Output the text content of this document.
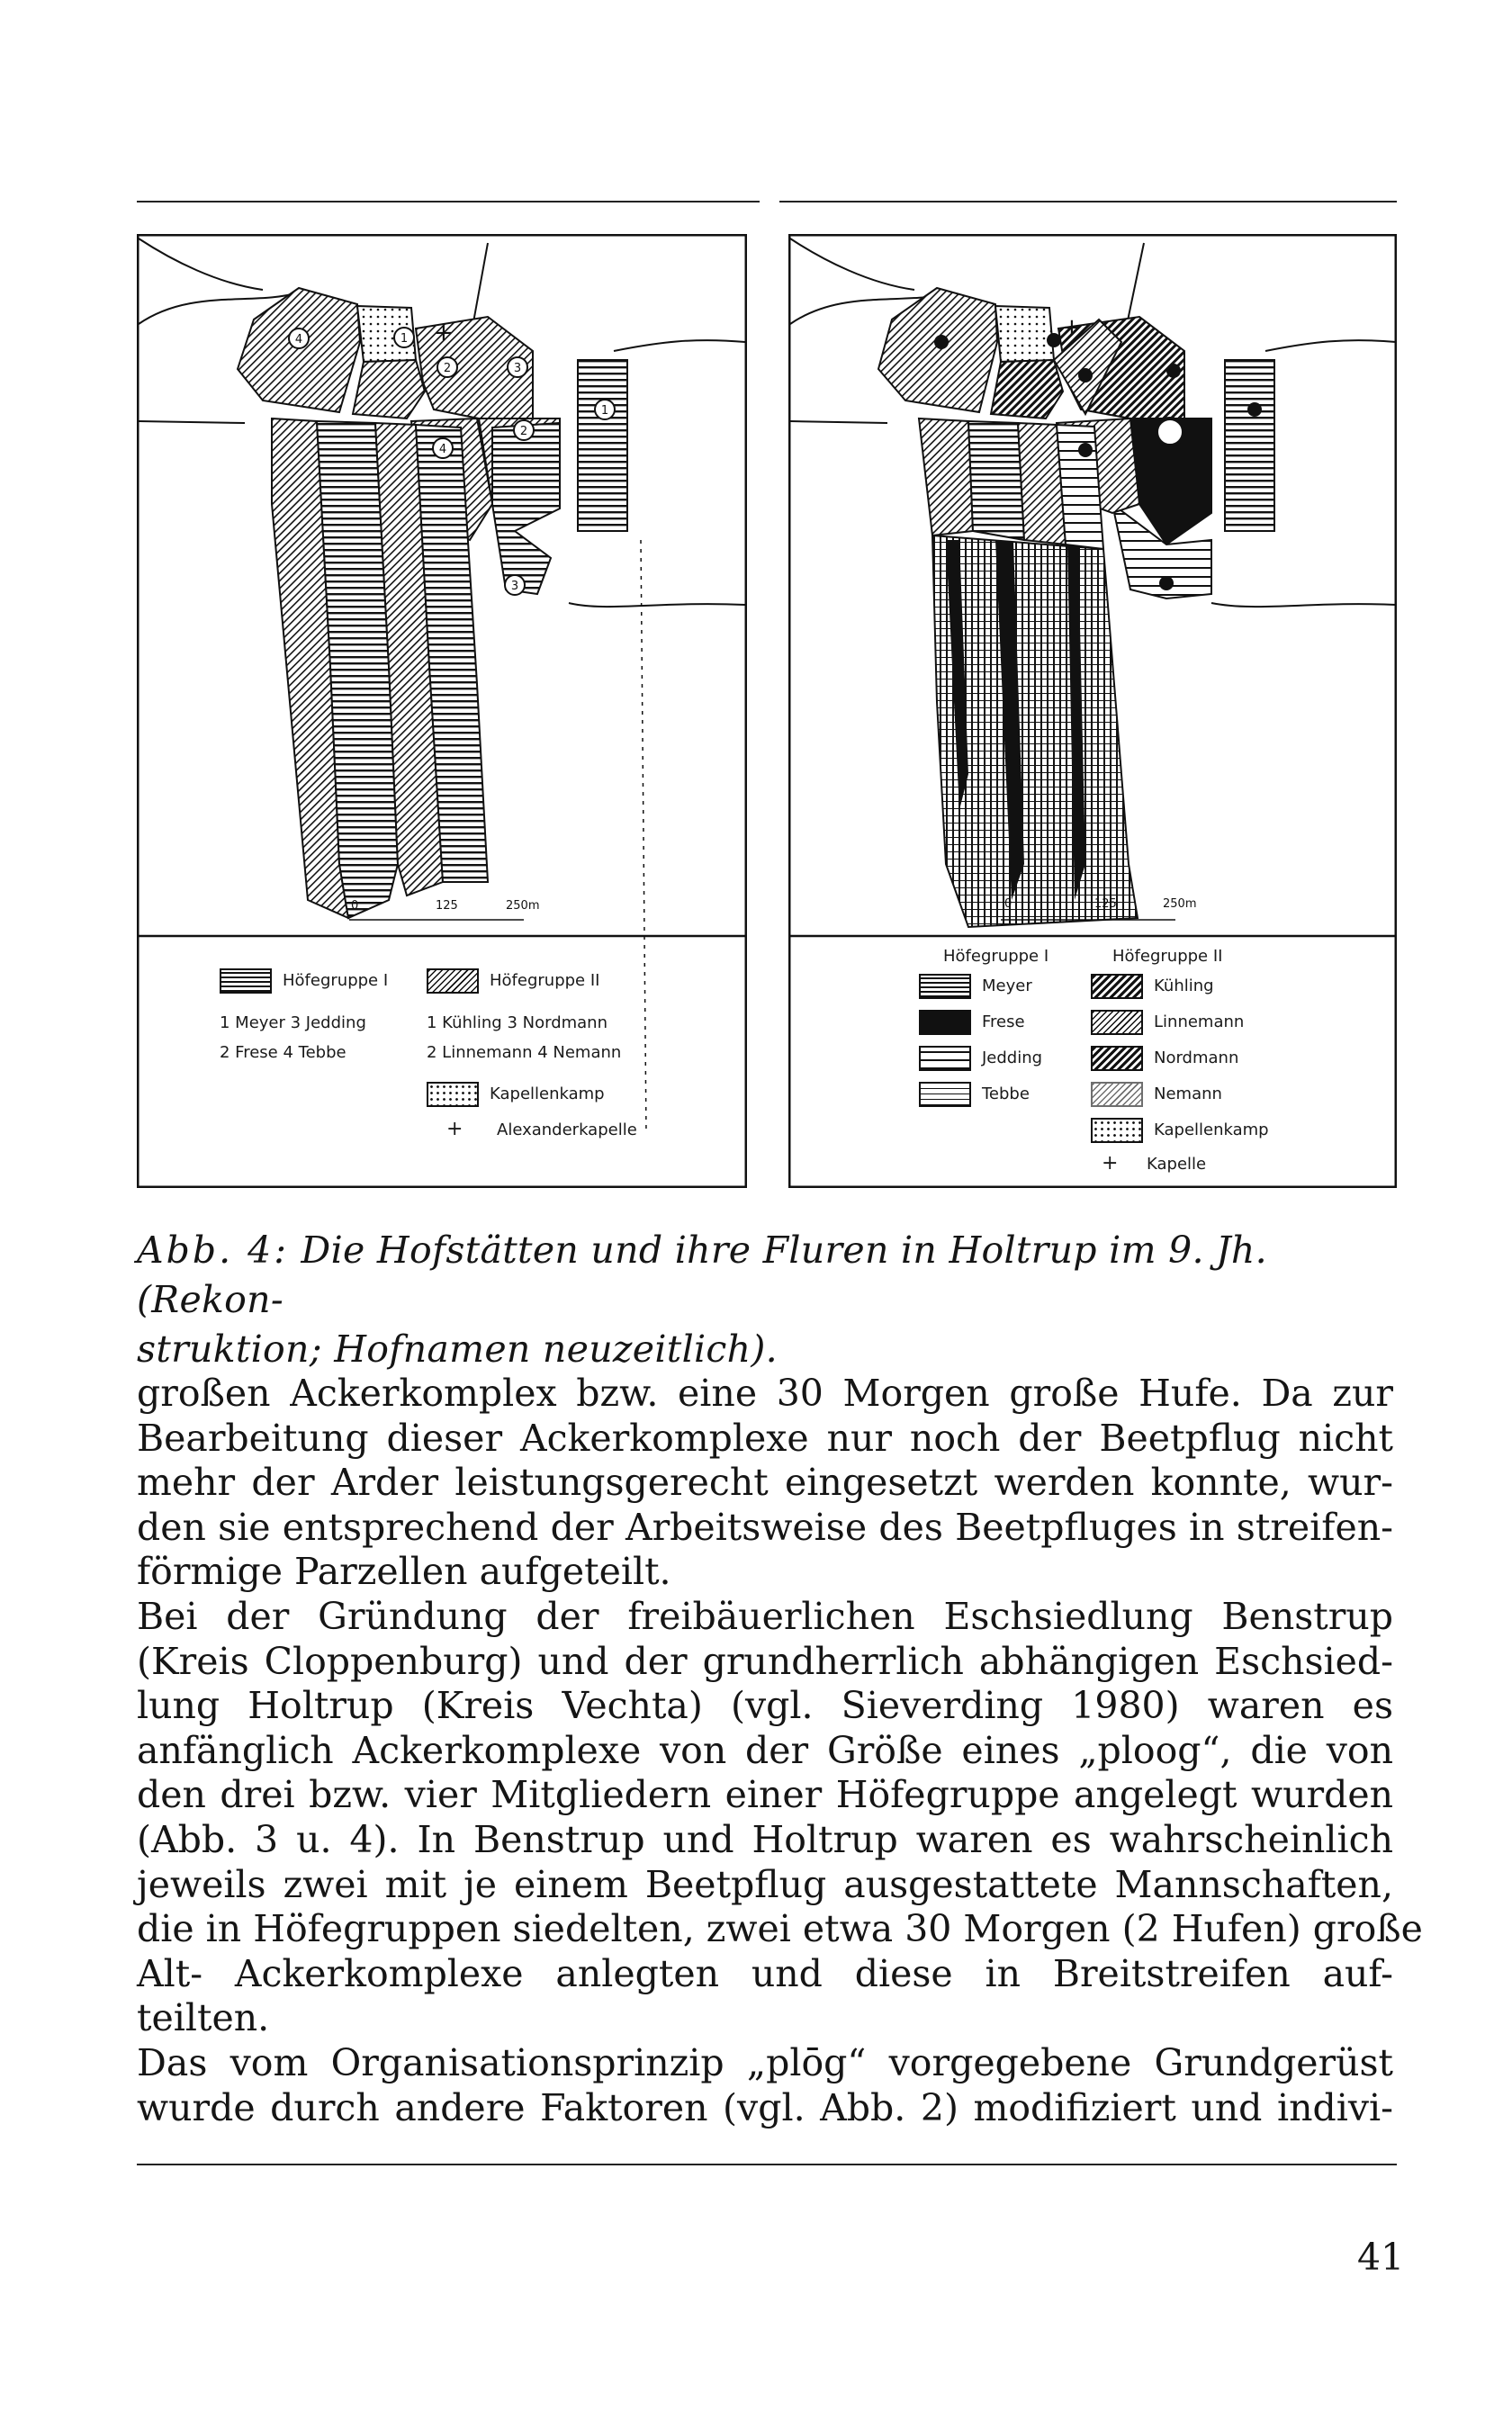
4	1
2	3
1
2
4
3
+
0	125	250m
Höfegruppe I	Höfegruppe II
1 Meyer 3 Jedding
2 Frese 4 Tebbe
1 Kühling 3 Nordmann
2 Linnemann 4 Nemann
Kapellenkamp
+ Alexanderkapelle
+
0	125	250m
Höfegruppe I	Höfegruppe II
Meyer
Frese
Jedding
Tebbe
Kühling
Linnemann
Nordmann
Nemann
Kapellenkamp
+ Kapelle
Abb. 4: Die Hofstätten und ihre Fluren in Holtrup im 9. Jh. (Rekon-
struktion; Hofnamen neuzeitlich).
großen Ackerkomplex bzw. eine 30 Morgen große Hufe. Da zur
Bearbeitung dieser Ackerkomplexe nur noch der Beetpflug nicht
mehr der Arder leistungsgerecht eingesetzt werden konnte, wur-
den sie entsprechend der Arbeitsweise des Beetpfluges in streifen-
förmige Parzellen aufgeteilt.
Bei der Gründung der freibäuerlichen Eschsiedlung Benstrup
(Kreis Cloppenburg) und der grundherrlich abhängigen Eschsied-
lung Holtrup (Kreis Vechta) (vgl. Sieverding 1980) waren es
anfänglich Ackerkomplexe von der Größe eines „ploog“, die von
den drei bzw. vier Mitgliedern einer Höfegruppe angelegt wurden
(Abb. 3 u. 4). In Benstrup und Holtrup waren es wahrscheinlich
jeweils zwei mit je einem Beetpflug ausgestattete Mannschaften,
die in Höfegruppen siedelten, zwei etwa 30 Morgen (2 Hufen) große
Alt- Ackerkomplexe anlegten und diese in Breitstreifen auf-
teilten.
Das vom Organisationsprinzip „plōg“ vorgegebene Grundgerüst
wurde durch andere Faktoren (vgl. Abb. 2) modifiziert und indivi-
41
